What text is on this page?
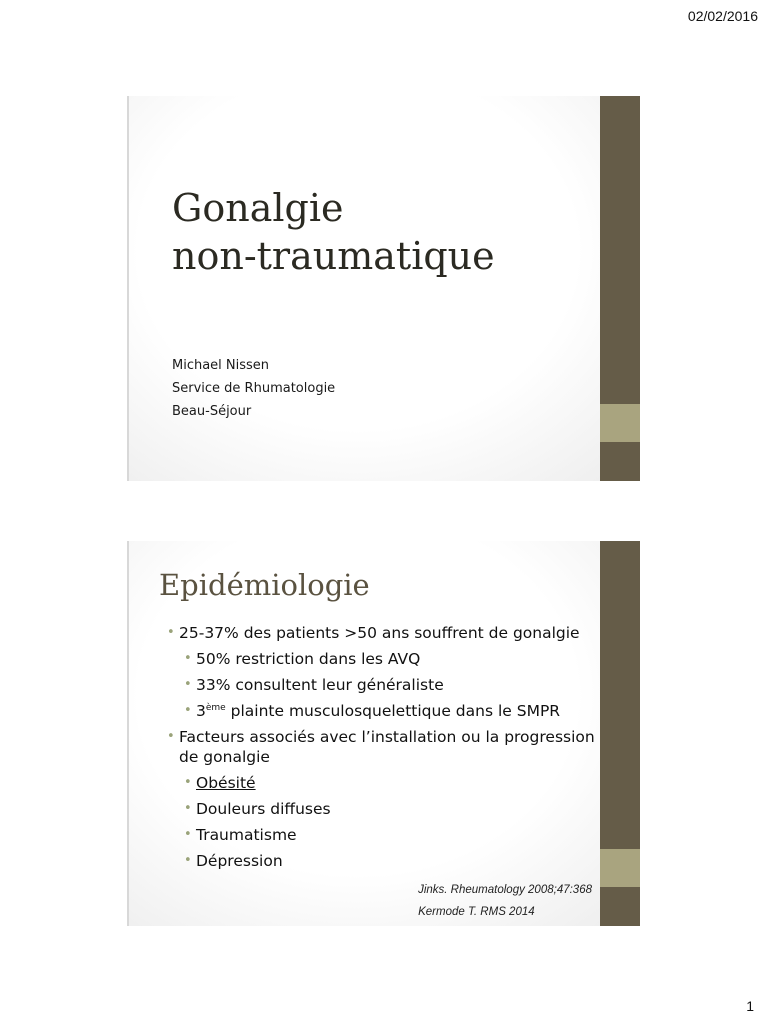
02/02/2016
Gonalgie
non-traumatique
Michael Nissen
Service de Rhumatologie
Beau-Séjour
Epidémiologie
• 25-37% des patients >50 ans souffrent de gonalgie
• 50% restriction dans les AVQ
• 33% consultent leur généraliste
• 3ème plainte musculosquelettique dans le SMPR
• Facteurs associés avec l’installation ou la progression de gonalgie
• Obésité
• Douleurs diffuses
• Traumatisme
• Dépression
Jinks. Rheumatology 2008;47:368
Kermode T. RMS 2014
1
